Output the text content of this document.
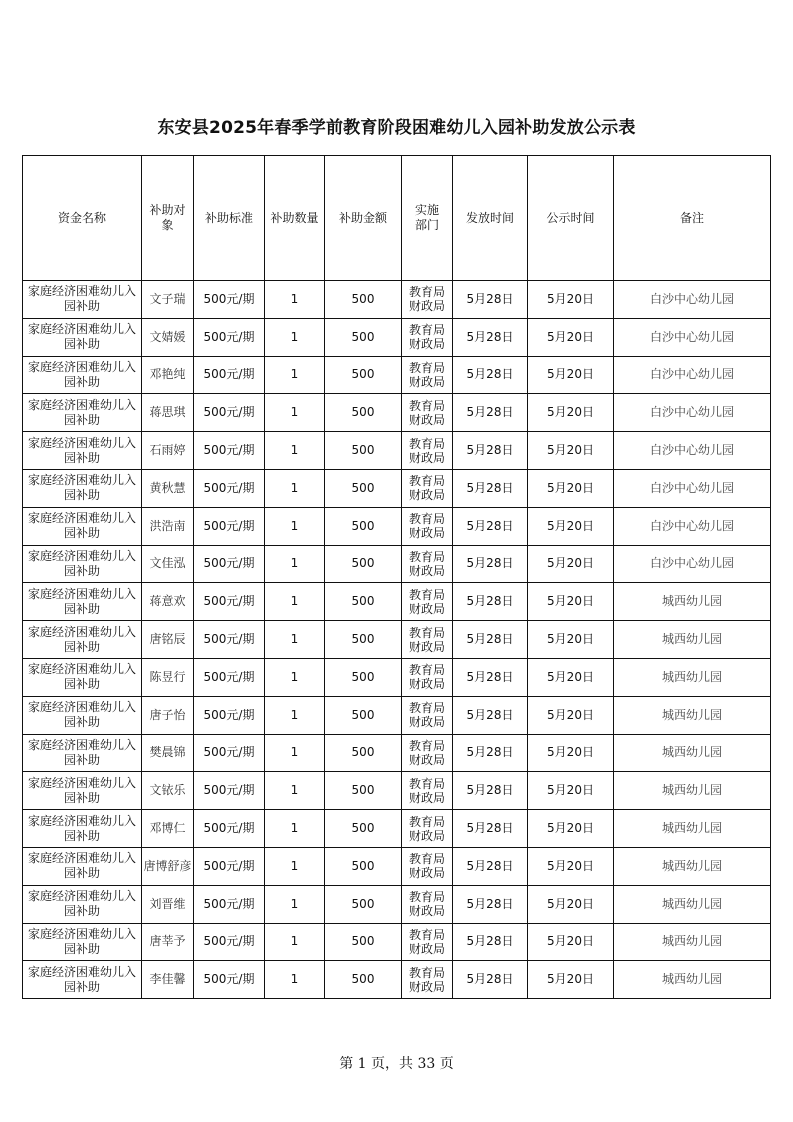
东安县2025年春季学前教育阶段困难幼儿入园补助发放公示表
资金名称	补助对象	补助标准	补助数量	补助金额	实施部门	发放时间	公示时间	备注

家庭经济困难幼儿入园补助	文子瑞	500元/期	1	500	教育局财政局	5月28日	5月20日	白沙中心幼儿园

家庭经济困难幼儿入园补助	文婧媛	500元/期	1	500	教育局财政局	5月28日	5月20日	白沙中心幼儿园

家庭经济困难幼儿入园补助	邓艳纯	500元/期	1	500	教育局财政局	5月28日	5月20日	白沙中心幼儿园

家庭经济困难幼儿入园补助	蒋思琪	500元/期	1	500	教育局财政局	5月28日	5月20日	白沙中心幼儿园

家庭经济困难幼儿入园补助	石雨婷	500元/期	1	500	教育局财政局	5月28日	5月20日	白沙中心幼儿园

家庭经济困难幼儿入园补助	黄秋慧	500元/期	1	500	教育局财政局	5月28日	5月20日	白沙中心幼儿园

家庭经济困难幼儿入园补助	洪浩南	500元/期	1	500	教育局财政局	5月28日	5月20日	白沙中心幼儿园

家庭经济困难幼儿入园补助	文佳泓	500元/期	1	500	教育局财政局	5月28日	5月20日	白沙中心幼儿园

家庭经济困难幼儿入园补助	蒋意欢	500元/期	1	500	教育局财政局	5月28日	5月20日	城西幼儿园

家庭经济困难幼儿入园补助	唐铭辰	500元/期	1	500	教育局财政局	5月28日	5月20日	城西幼儿园

家庭经济困难幼儿入园补助	陈昱行	500元/期	1	500	教育局财政局	5月28日	5月20日	城西幼儿园

家庭经济困难幼儿入园补助	唐子怡	500元/期	1	500	教育局财政局	5月28日	5月20日	城西幼儿园

家庭经济困难幼儿入园补助	樊晨锦	500元/期	1	500	教育局财政局	5月28日	5月20日	城西幼儿园

家庭经济困难幼儿入园补助	文铱乐	500元/期	1	500	教育局财政局	5月28日	5月20日	城西幼儿园

家庭经济困难幼儿入园补助	邓博仁	500元/期	1	500	教育局财政局	5月28日	5月20日	城西幼儿园

家庭经济困难幼儿入园补助	唐博舒彦	500元/期	1	500	教育局财政局	5月28日	5月20日	城西幼儿园

家庭经济困难幼儿入园补助	刘晋维	500元/期	1	500	教育局财政局	5月28日	5月20日	城西幼儿园

家庭经济困难幼儿入园补助	唐莘予	500元/期	1	500	教育局财政局	5月28日	5月20日	城西幼儿园

家庭经济困难幼儿入园补助	李佳馨	500元/期	1	500	教育局财政局	5月28日	5月20日	城西幼儿园
第 1 页，共 33 页
